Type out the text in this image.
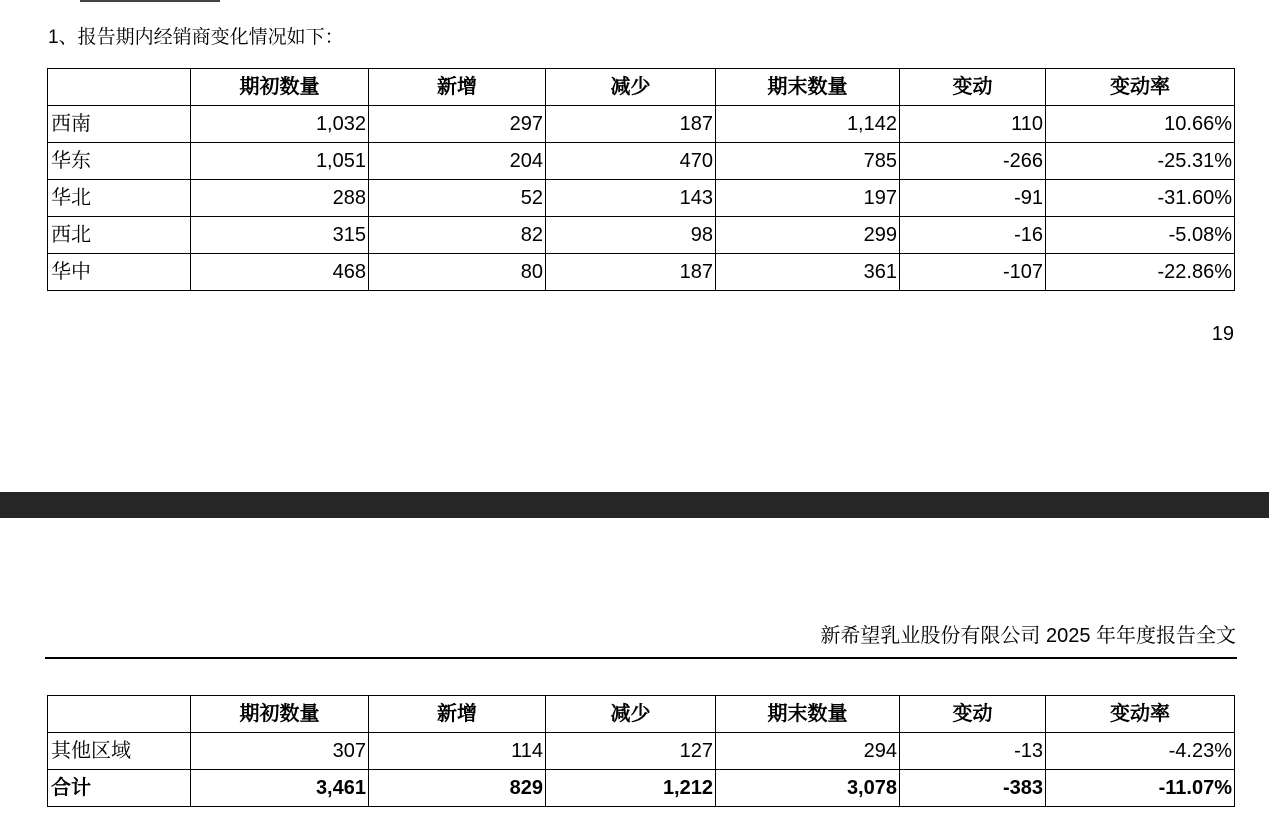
1、报告期内经销商变化情况如下：
	期初数量	新增	减少	期末数量	变动	变动率
西南	1,032	297	187	1,142	110	10.66%
华东	1,051	204	470	785	-266	-25.31%
华北	288	52	143	197	-91	-31.60%
西北	315	82	98	299	-16	-5.08%
华中	468	80	187	361	-107	-22.86%
19
新希望乳业股份有限公司 2025 年年度报告全文
	期初数量	新增	减少	期末数量	变动	变动率
其他区域	307	114	127	294	-13	-4.23%
合计	3,461	829	1,212	3,078	-383	-11.07%
